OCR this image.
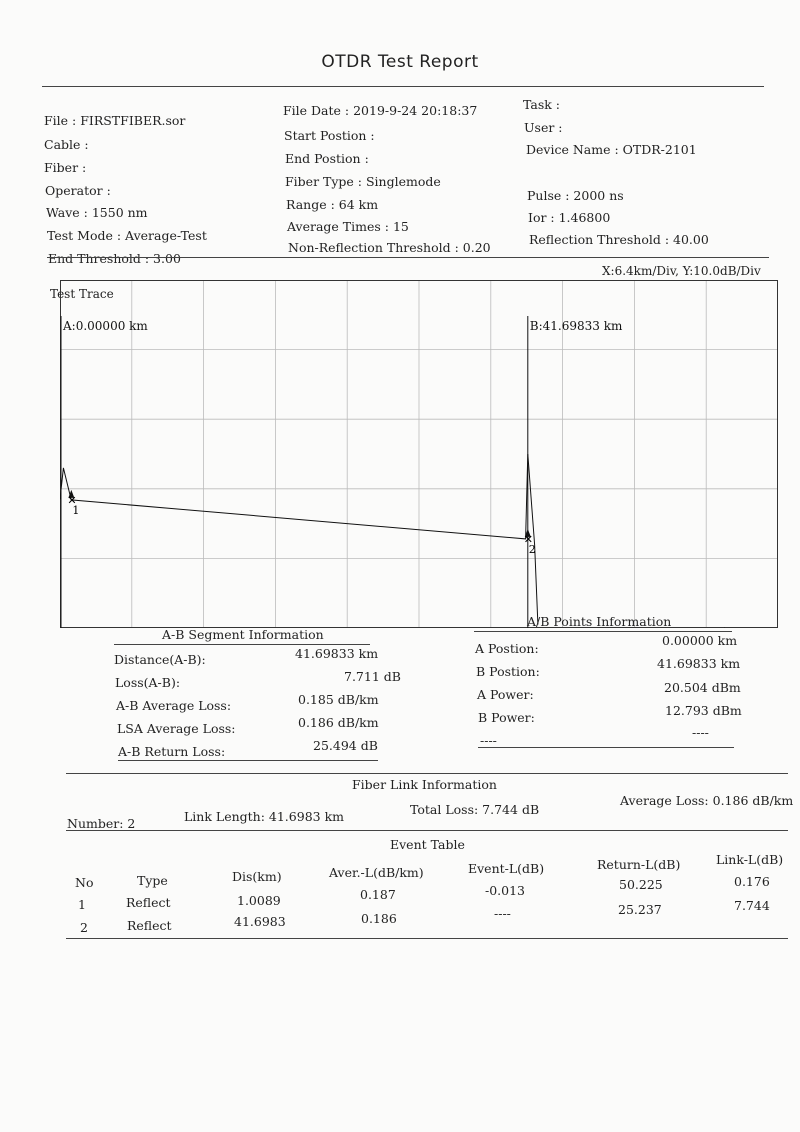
OTDR Test Report
File : FIRSTFIBER.sor
Cable :
Fiber :
Operator :
Wave : 1550 nm
Test Mode : Average-Test
End Threshold : 3.00
File Date : 2019-9-24 20:18:37
Start Postion :
End Postion :
Fiber Type : Singlemode
Range : 64 km
Average Times : 15
Non-Reflection Threshold : 0.20
Task :
User :
Device Name : OTDR-2101
Pulse : 2000 ns
Ior : 1.46800
Reflection Threshold : 40.00
X:6.4km/Div, Y:10.0dB/Div
Test Trace
A:0.00000 km	B:41.69833 km
✕
1
✕
2
A-B Segment Information
Distance(A-B):	41.69833 km
Loss(A-B):	7.711 dB
A-B Average Loss:	0.185 dB/km
LSA Average Loss:	0.186 dB/km
A-B Return Loss:	25.494 dB
A/B Points Information
A Postion:
0.00000 km
B Postion:
41.69833 km
A Power:	20.504 dBm
B Power:	12.793 dBm
----
----
Fiber Link Information
Number: 2	Link Length: 41.6983 km	Total Loss: 7.744 dB
Average Loss: 0.186 dB/km
Event Table
No	Type	Dis(km)	Aver.-L(dB/km)	Event-L(dB)	Return-L(dB)	Link-L(dB)
1	Reflect	1.0089	0.187	-0.013	50.225	0.176
2	Reflect	41.6983	0.186	----	25.237	7.744
